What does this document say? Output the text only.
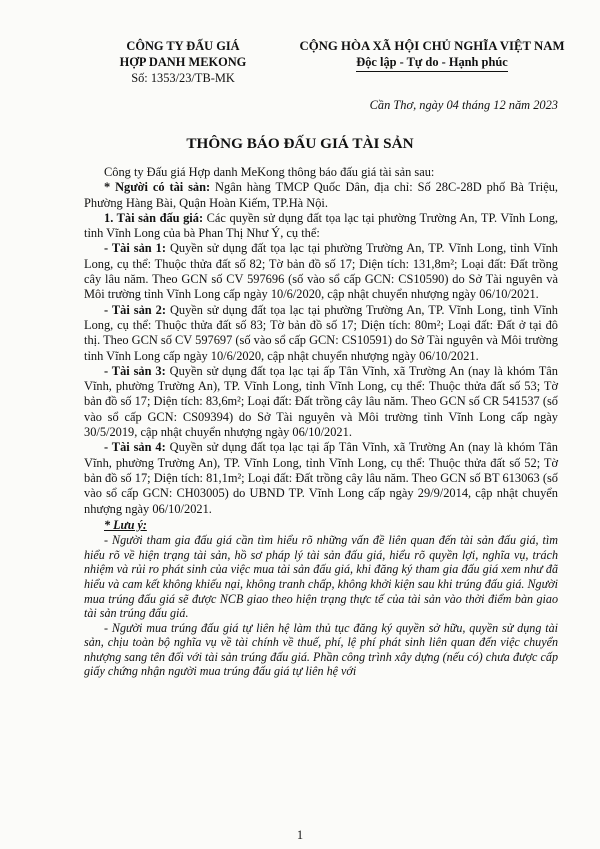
CÔNG TY ĐẤU GIÁ
HỢP DANH MEKONG
Số: 1353/23/TB-MK
CỘNG HÒA XÃ HỘI CHỦ NGHĨA VIỆT NAM
Độc lập - Tự do - Hạnh phúc
Cần Thơ, ngày 04 tháng 12 năm 2023
THÔNG BÁO ĐẤU GIÁ TÀI SẢN

Công ty Đấu giá Hợp danh MeKong thông báo đấu giá tài sản sau:

* Người có tài sản: Ngân hàng TMCP Quốc Dân, địa chỉ: Số 28C-28D phố Bà Triệu, Phường Hàng Bài, Quận Hoàn Kiếm, TP.Hà Nội.

1. Tài sản đấu giá: Các quyền sử dụng đất tọa lạc tại phường Trường An, TP. Vĩnh Long, tỉnh Vĩnh Long của bà Phan Thị Như Ý, cụ thể:

- Tài sản 1: Quyền sử dụng đất tọa lạc tại phường Trường An, TP. Vĩnh Long, tỉnh Vĩnh Long, cụ thể: Thuộc thửa đất số 82; Tờ bản đồ số 17; Diện tích: 131,8m²; Loại đất: Đất trồng cây lâu năm. Theo GCN số CV 597696 (số vào sổ cấp GCN: CS10590) do Sở Tài nguyên và Môi trường tỉnh Vĩnh Long cấp ngày 10/6/2020, cập nhật chuyển nhượng ngày 06/10/2021.

- Tài sản 2: Quyền sử dụng đất tọa lạc tại phường Trường An, TP. Vĩnh Long, tỉnh Vĩnh Long, cụ thể: Thuộc thửa đất số 83; Tờ bản đồ số 17; Diện tích: 80m²; Loại đất: Đất ở tại đô thị. Theo GCN số CV 597697 (số vào sổ cấp GCN: CS10591) do Sở Tài nguyên và Môi trường tỉnh Vĩnh Long cấp ngày 10/6/2020, cập nhật chuyển nhượng ngày 06/10/2021.

- Tài sản 3: Quyền sử dụng đất tọa lạc tại ấp Tân Vĩnh, xã Trường An (nay là khóm Tân Vĩnh, phường Trường An), TP. Vĩnh Long, tỉnh Vĩnh Long, cụ thể: Thuộc thửa đất số 53; Tờ bản đồ số 17; Diện tích: 83,6m²; Loại đất: Đất trồng cây lâu năm. Theo GCN số CR 541537 (số vào sổ cấp GCN: CS09394) do Sở Tài nguyên và Môi trường tỉnh Vĩnh Long cấp ngày 30/5/2019, cập nhật chuyển nhượng ngày 06/10/2021.

- Tài sản 4: Quyền sử dụng đất tọa lạc tại ấp Tân Vĩnh, xã Trường An (nay là khóm Tân Vĩnh, phường Trường An), TP. Vĩnh Long, tỉnh Vĩnh Long, cụ thể: Thuộc thửa đất số 52; Tờ bản đồ số 17; Diện tích: 81,1m²; Loại đất: Đất trồng cây lâu năm. Theo GCN số BT 613063 (số vào sổ cấp GCN: CH03005) do UBND TP. Vĩnh Long cấp ngày 29/9/2014, cập nhật chuyển nhượng ngày 06/10/2021.

* Lưu ý:

- Người tham gia đấu giá cần tìm hiểu rõ những vấn đề liên quan đến tài sản đấu giá, tìm hiểu rõ về hiện trạng tài sản, hồ sơ pháp lý tài sản đấu giá, hiểu rõ quyền lợi, nghĩa vụ, trách nhiệm và rủi ro phát sinh của việc mua tài sản đấu giá, khi đăng ký tham gia đấu giá xem như đã hiểu và cam kết không khiếu nại, không tranh chấp, không khởi kiện sau khi trúng đấu giá. Người mua trúng đấu giá sẽ được NCB giao theo hiện trạng thực tế của tài sản vào thời điểm bàn giao tài sản trúng đấu giá.

- Người mua trúng đấu giá tự liên hệ làm thủ tục đăng ký quyền sở hữu, quyền sử dụng tài sản, chịu toàn bộ nghĩa vụ về tài chính về thuế, phí, lệ phí phát sinh liên quan đến việc chuyển nhượng sang tên đối với tài sản trúng đấu giá. Phần công trình xây dựng (nếu có) chưa được cấp giấy chứng nhận người mua trúng đấu giá tự liên hệ với

1
